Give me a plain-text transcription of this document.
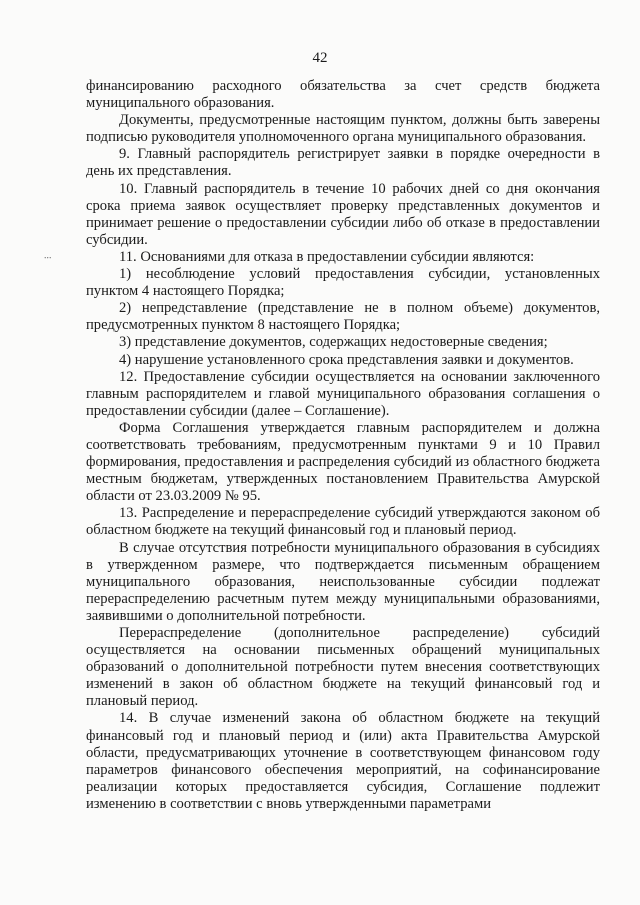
42
∙∙∙

финансированию расходного обязательства за счет средств бюджета муниципального образования.

Документы, предусмотренные настоящим пунктом, должны быть заверены подписью руководителя уполномоченного органа муниципального образования.

9. Главный распорядитель регистрирует заявки в порядке очередности в день их представления.

10. Главный распорядитель в течение 10 рабочих дней со дня окончания срока приема заявок осуществляет проверку представленных документов и принимает решение о предоставлении субсидии либо об отказе в предоставлении субсидии.

11. Основаниями для отказа в предоставлении субсидии являются:

1) несоблюдение условий предоставления субсидии, установленных пунктом 4 настоящего Порядка;

2) непредставление (представление не в полном объеме) документов, предусмотренных пунктом 8 настоящего Порядка;

3) представление документов, содержащих недостоверные сведения;

4) нарушение установленного срока представления заявки и документов.

12. Предоставление субсидии осуществляется на основании заключенного главным распорядителем и главой муниципального образования соглашения о предоставлении субсидии (далее – Соглашение).

Форма Соглашения утверждается главным распорядителем и должна соответствовать требованиям, предусмотренным пунктами 9 и 10 Правил формирования, предоставления и распределения субсидий из областного бюджета местным бюджетам, утвержденных постановлением Правительства Амурской области от 23.03.2009 № 95.

13. Распределение и перераспределение субсидий утверждаются законом об областном бюджете на текущий финансовый год и плановый период.

В случае отсутствия потребности муниципального образования в субсидиях в утвержденном размере, что подтверждается письменным обращением муниципального образования, неиспользованные субсидии подлежат перераспределению расчетным путем между муниципальными образованиями, заявившими о дополнительной потребности.

Перераспределение (дополнительное распределение) субсидий осуществляется на основании письменных обращений муниципальных образований о дополнительной потребности путем внесения соответствующих изменений в закон об областном бюджете на текущий финансовый год и плановый период.

14. В случае изменений закона об областном бюджете на текущий финансовый год и плановый период и (или) акта Правительства Амурской области, предусматривающих уточнение в соответствующем финансовом году параметров финансового обеспечения мероприятий, на софинансирование реализации которых предоставляется субсидия, Соглашение подлежит изменению в соответствии с вновь утвержденными параметрами
